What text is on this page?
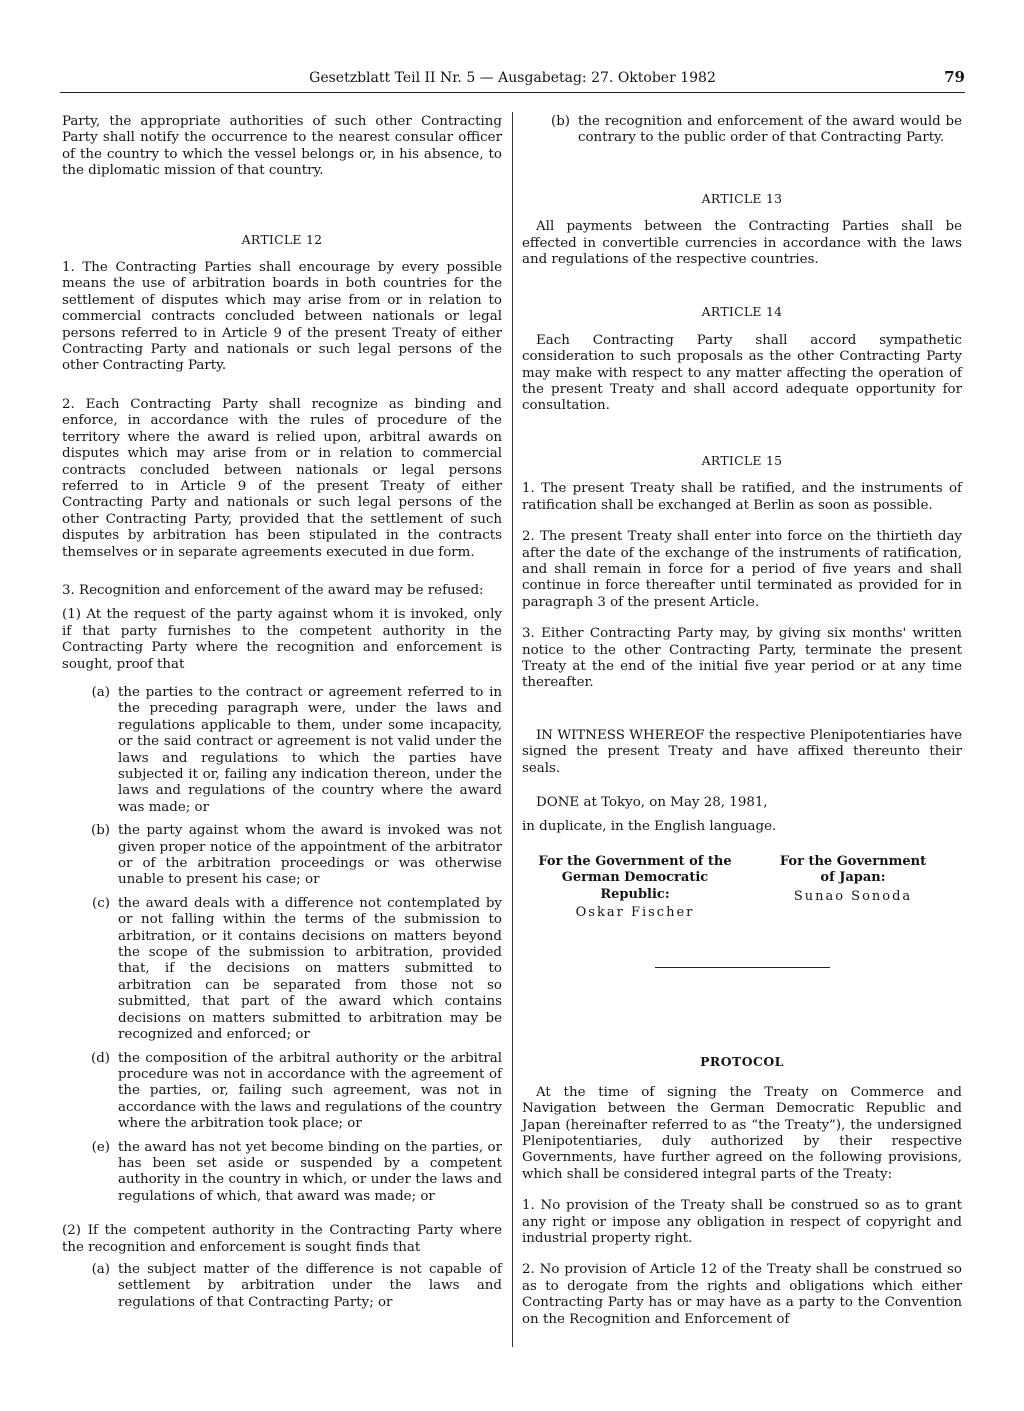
Gesetzblatt Teil II Nr. 5 — Ausgabetag: 27. Oktober 1982	79

Party, the appropriate authorities of such other Contracting Party shall notify the occurrence to the nearest consular officer of the country to which the vessel belongs or, in his absence, to the diplomatic mission of that country.

ARTICLE 12

1. The Contracting Parties shall encourage by every possible means the use of arbitration boards in both countries for the settlement of disputes which may arise from or in relation to commercial contracts concluded between nationals or legal persons referred to in Article 9 of the present Treaty of either Contracting Party and nationals or such legal persons of the other Contracting Party.

2. Each Contracting Party shall recognize as binding and enforce, in accordance with the rules of procedure of the territory where the award is relied upon, arbitral awards on disputes which may arise from or in relation to commercial contracts concluded between nationals or legal persons referred to in Article 9 of the present Treaty of either Contracting Party and nationals or such legal persons of the other Contracting Party, provided that the settlement of such disputes by arbitration has been stipulated in the contracts themselves or in separate agreements executed in due form.

3. Recognition and enforcement of the award may be refused:

(1) At the request of the party against whom it is invoked, only if that party furnishes to the competent authority in the Contracting Party where the recognition and enforcement is sought, proof that

(a) the parties to the contract or agreement referred to in the preceding paragraph were, under the laws and regulations applicable to them, under some incapacity, or the said contract or agreement is not valid under the laws and regulations to which the parties have subjected it or, failing any indication thereon, under the laws and regulations of the country where the award was made; or
(b) the party against whom the award is invoked was not given proper notice of the appointment of the arbitrator or of the arbitration proceedings or was otherwise unable to present his case; or
(c) the award deals with a difference not contemplated by or not falling within the terms of the submission to arbitration, or it contains decisions on matters beyond the scope of the submission to arbitration, provided that, if the decisions on matters submitted to arbitration can be separated from those not so submitted, that part of the award which contains decisions on matters submitted to arbitration may be recognized and enforced; or
(d) the composition of the arbitral authority or the arbitral procedure was not in accordance with the agreement of the parties, or, failing such agreement, was not in accordance with the laws and regulations of the country where the arbitration took place; or
(e) the award has not yet become binding on the parties, or has been set aside or suspended by a competent authority in the country in which, or under the laws and regulations of which, that award was made; or

(2) If the competent authority in the Contracting Party where the recognition and enforcement is sought finds that

(a) the subject matter of the difference is not capable of settlement by arbitration under the laws and regulations of that Contracting Party; or
(b) the recognition and enforcement of the award would be contrary to the public order of that Contracting Party.
ARTICLE 13

All payments between the Contracting Parties shall be effected in convertible currencies in accordance with the laws and regulations of the respective countries.

ARTICLE 14

Each Contracting Party shall accord sympathetic consideration to such proposals as the other Contracting Party may make with respect to any matter affecting the operation of the present Treaty and shall accord adequate opportunity for consultation.

ARTICLE 15

1. The present Treaty shall be ratified, and the instruments of ratification shall be exchanged at Berlin as soon as possible.

2. The present Treaty shall enter into force on the thirtieth day after the date of the exchange of the instruments of ratification, and shall remain in force for a period of five years and shall continue in force thereafter until terminated as provided for in paragraph 3 of the present Article.

3. Either Contracting Party may, by giving six months' written notice to the other Contracting Party, terminate the present Treaty at the end of the initial five year period or at any time thereafter.

IN WITNESS WHEREOF the respective Plenipotentiaries have signed the present Treaty and have affixed thereunto their seals.

DONE at Tokyo, on May 28, 1981,

in duplicate, in the English language.

For the Government of the
German Democratic Republic:
Oskar Fischer
For the Government
of Japan:
Sunao Sonoda
PROTOCOL

At the time of signing the Treaty on Commerce and Navigation between the German Democratic Republic and Japan (hereinafter referred to as “the Treaty”), the undersigned Plenipotentiaries, duly authorized by their respective Governments, have further agreed on the following provisions, which shall be considered integral parts of the Treaty:

1. No provision of the Treaty shall be construed so as to grant any right or impose any obligation in respect of copyright and industrial property right.

2. No provision of Article 12 of the Treaty shall be construed so as to derogate from the rights and obligations which either Contracting Party has or may have as a party to the Convention on the Recognition and Enforcement of
